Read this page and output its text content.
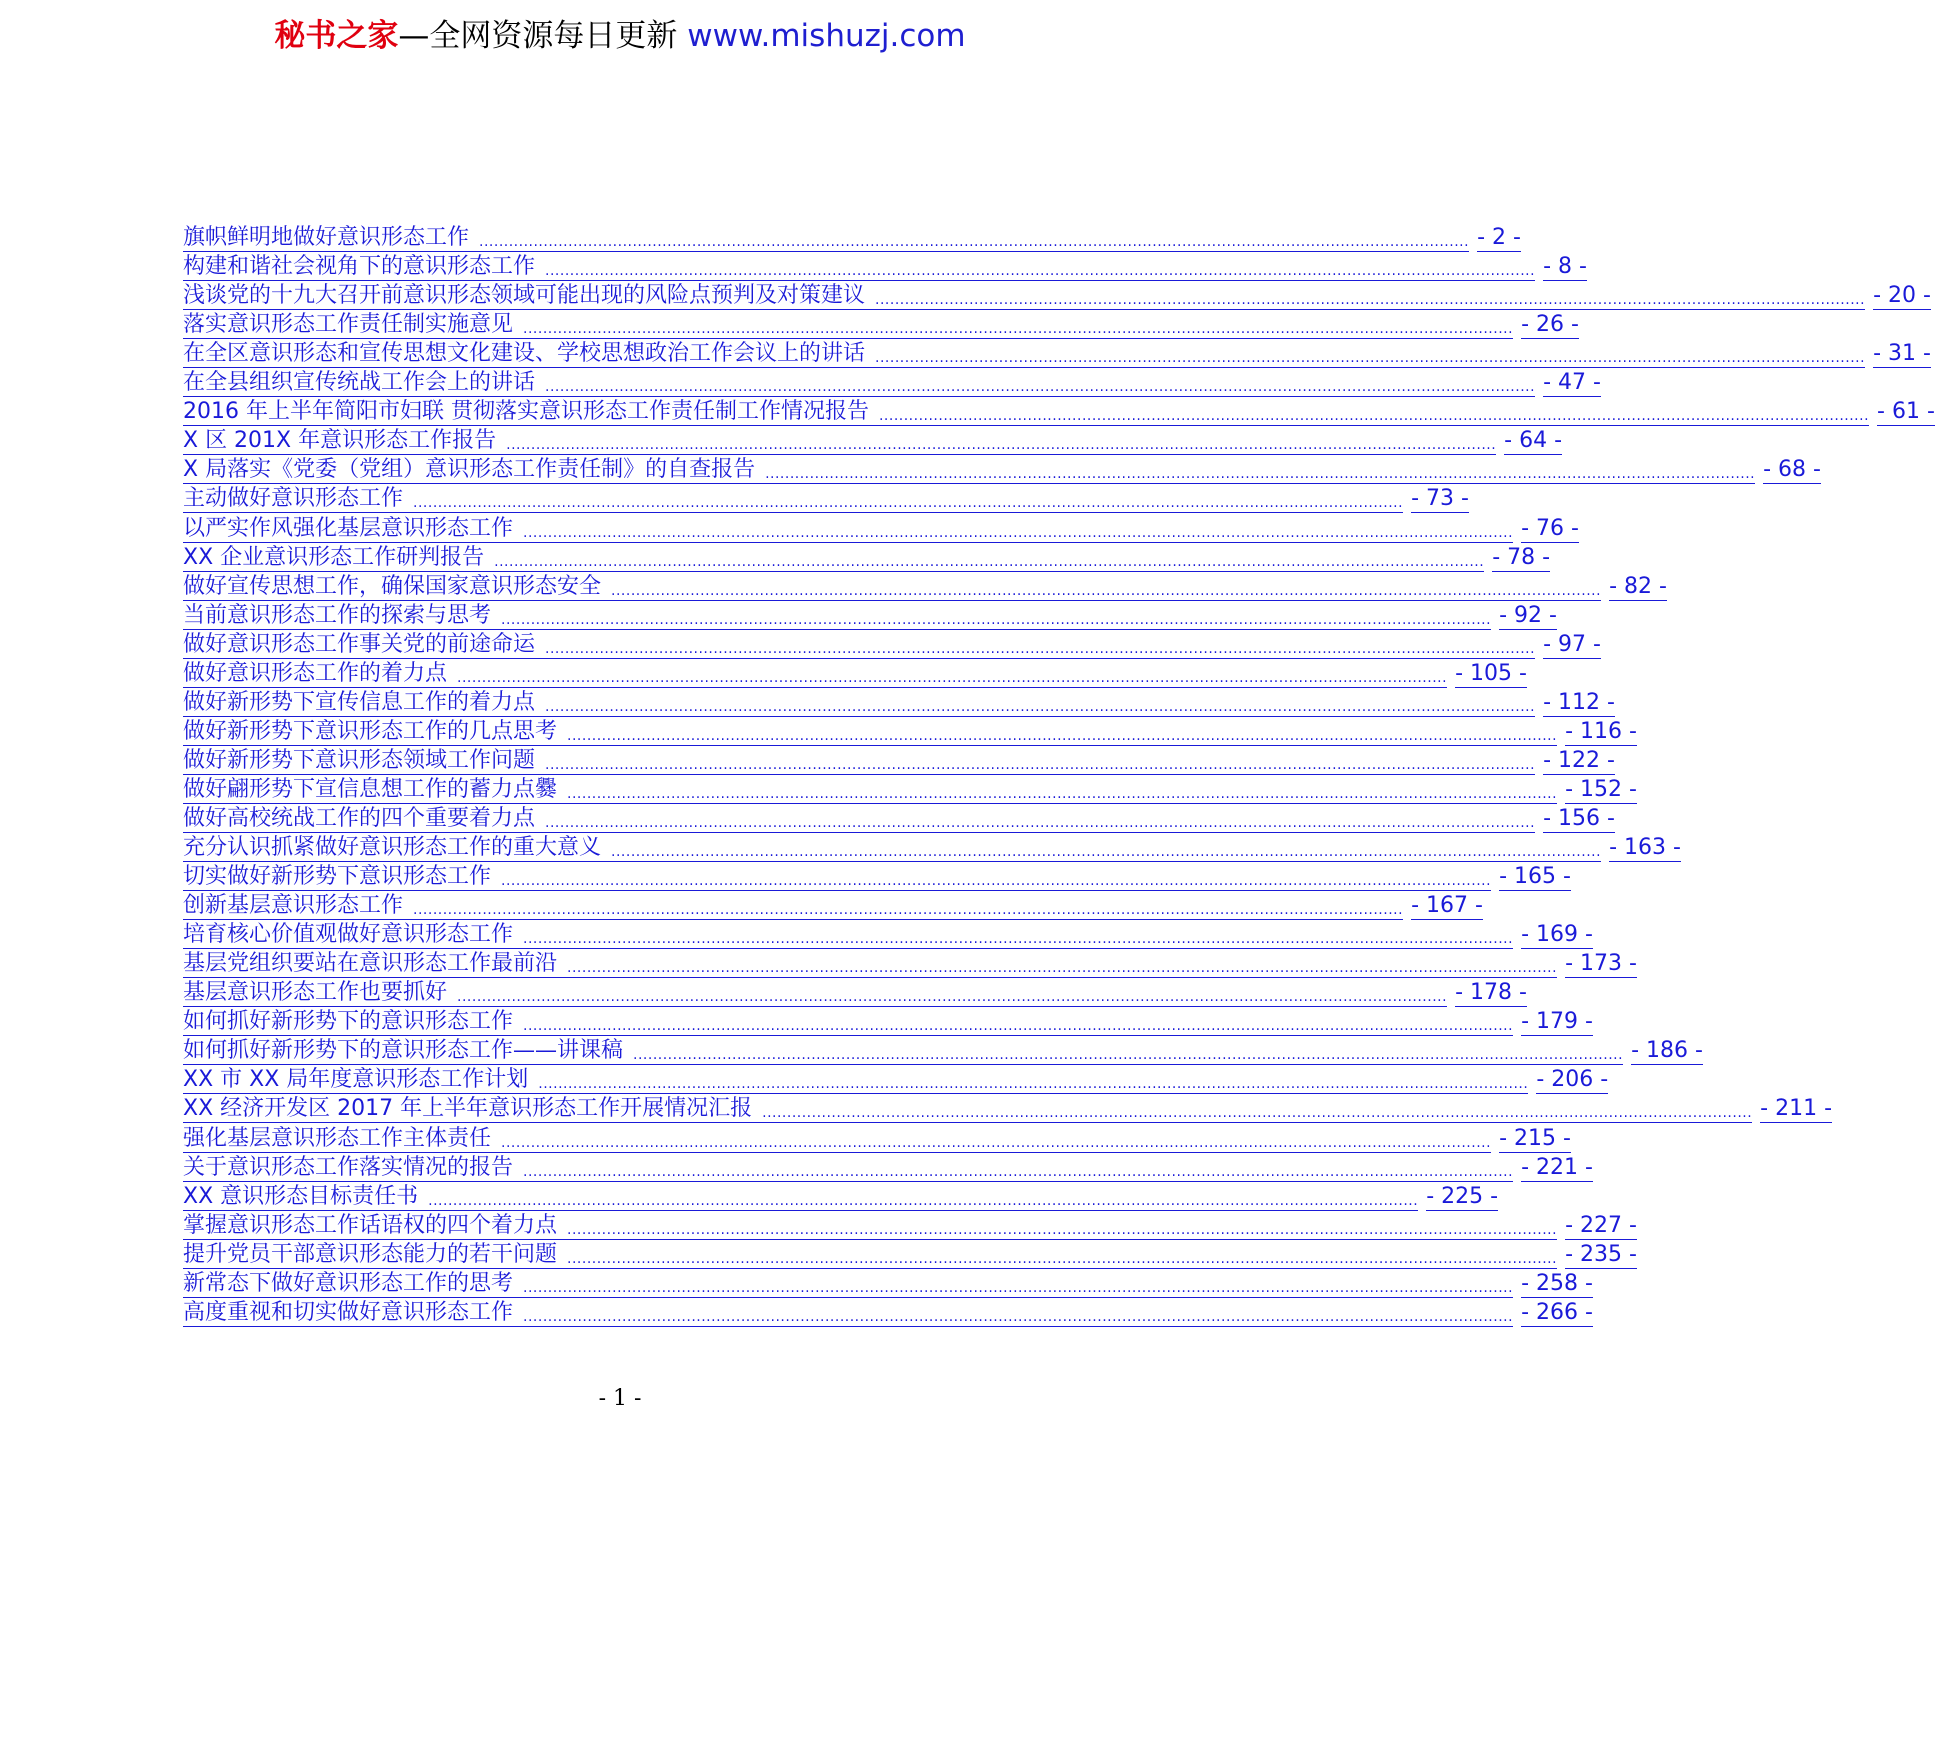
秘书之家—全网资源每日更新 www.mishuzj.com
旗帜鲜明地做好意识形态工作 ........................................................................................................................................................................................................ - 2 -
构建和谐社会视角下的意识形态工作 ........................................................................................................................................................................................................ - 8 -
浅谈党的十九大召开前意识形态领域可能出现的风险点预判及对策建议 ........................................................................................................................................................................................................ - 20 -
落实意识形态工作责任制实施意见 ........................................................................................................................................................................................................ - 26 -
在全区意识形态和宣传思想文化建设、学校思想政治工作会议上的讲话 ........................................................................................................................................................................................................ - 31 -
在全县组织宣传统战工作会上的讲话 ........................................................................................................................................................................................................ - 47 -
2016 年上半年简阳市妇联 贯彻落实意识形态工作责任制工作情况报告 ........................................................................................................................................................................................................ - 61 -
X 区 201X 年意识形态工作报告 ........................................................................................................................................................................................................ - 64 -
X 局落实《党委（党组）意识形态工作责任制》的自查报告 ........................................................................................................................................................................................................ - 68 -
主动做好意识形态工作 ........................................................................................................................................................................................................ - 73 -
以严实作风强化基层意识形态工作 ........................................................................................................................................................................................................ - 76 -
XX 企业意识形态工作研判报告 ........................................................................................................................................................................................................ - 78 -
做好宣传思想工作，确保国家意识形态安全 ........................................................................................................................................................................................................ - 82 -
当前意识形态工作的探索与思考 ........................................................................................................................................................................................................ - 92 -
做好意识形态工作事关党的前途命运 ........................................................................................................................................................................................................ - 97 -
做好意识形态工作的着力点 ........................................................................................................................................................................................................ - 105 -
做好新形势下宣传信息工作的着力点 ........................................................................................................................................................................................................ - 112 -
做好新形势下意识形态工作的几点思考 ........................................................................................................................................................................................................ - 116 -
做好新形势下意识形态领域工作问题 ........................................................................................................................................................................................................ - 122 -
做好翩形势下宣信息想工作的蓄力点爨 ........................................................................................................................................................................................................ - 152 -
做好高校统战工作的四个重要着力点 ........................................................................................................................................................................................................ - 156 -
充分认识抓紧做好意识形态工作的重大意义 ........................................................................................................................................................................................................ - 163 -
切实做好新形势下意识形态工作 ........................................................................................................................................................................................................ - 165 -
创新基层意识形态工作 ........................................................................................................................................................................................................ - 167 -
培育核心价值观做好意识形态工作 ........................................................................................................................................................................................................ - 169 -
基层党组织要站在意识形态工作最前沿 ........................................................................................................................................................................................................ - 173 -
基层意识形态工作也要抓好 ........................................................................................................................................................................................................ - 178 -
如何抓好新形势下的意识形态工作 ........................................................................................................................................................................................................ - 179 -
如何抓好新形势下的意识形态工作——讲课稿 ........................................................................................................................................................................................................ - 186 -
XX 市 XX 局年度意识形态工作计划 ........................................................................................................................................................................................................ - 206 -
XX 经济开发区 2017 年上半年意识形态工作开展情况汇报 ........................................................................................................................................................................................................ - 211 -
强化基层意识形态工作主体责任 ........................................................................................................................................................................................................ - 215 -
关于意识形态工作落实情况的报告 ........................................................................................................................................................................................................ - 221 -
XX 意识形态目标责任书 ........................................................................................................................................................................................................ - 225 -
掌握意识形态工作话语权的四个着力点 ........................................................................................................................................................................................................ - 227 -
提升党员干部意识形态能力的若干问题 ........................................................................................................................................................................................................ - 235 -
新常态下做好意识形态工作的思考 ........................................................................................................................................................................................................ - 258 -
高度重视和切实做好意识形态工作 ........................................................................................................................................................................................................ - 266 -
- 1 -
